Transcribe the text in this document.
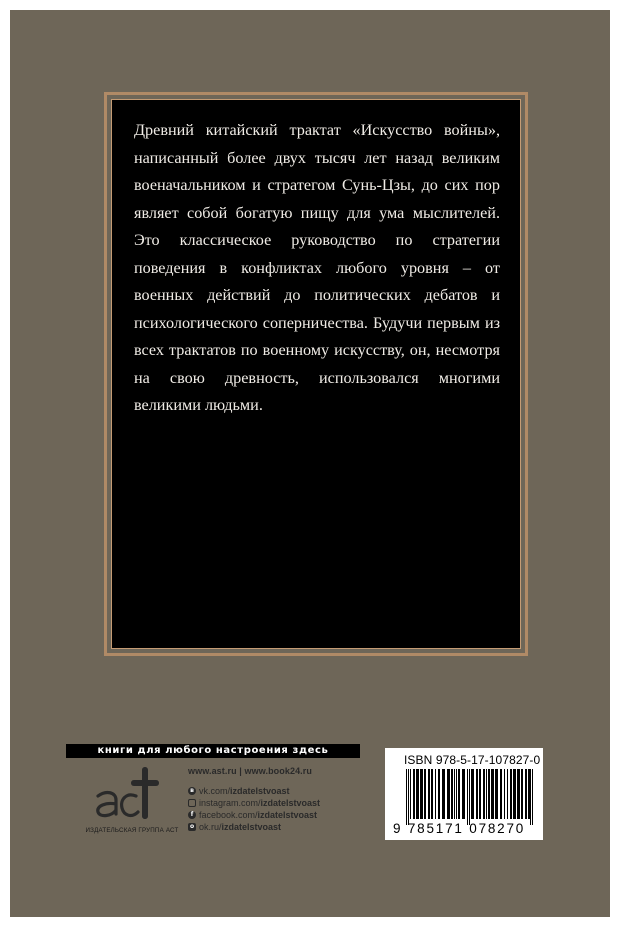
Древний китайский трактат «Искусство войны», написанный более двух тысяч лет назад великим военачальником и стратегом Сунь-Цзы, до сих пор являет собой богатую пищу для ума мыслителей. Это классическое руководство по стратегии поведения в конфликтах любого уровня – от военных действий до политических дебатов и психологического соперничества. Будучи первым из всех трактатов по военному искусству, он, несмотря на свою древность, использовался многими великими людьми.

книги для любого настроения здесь
ИЗДАТЕЛЬСКАЯ ГРУППА АСТ
www.ast.ru | www.book24.ru
в vk.com/ izdatelstvoast
instagram.com/ izdatelstvoast
f facebook.com/ izdatelstvoast
o ok.ru/ izdatelstvoast
ISBN 978-5-17-107827-0
9 785171 078270
